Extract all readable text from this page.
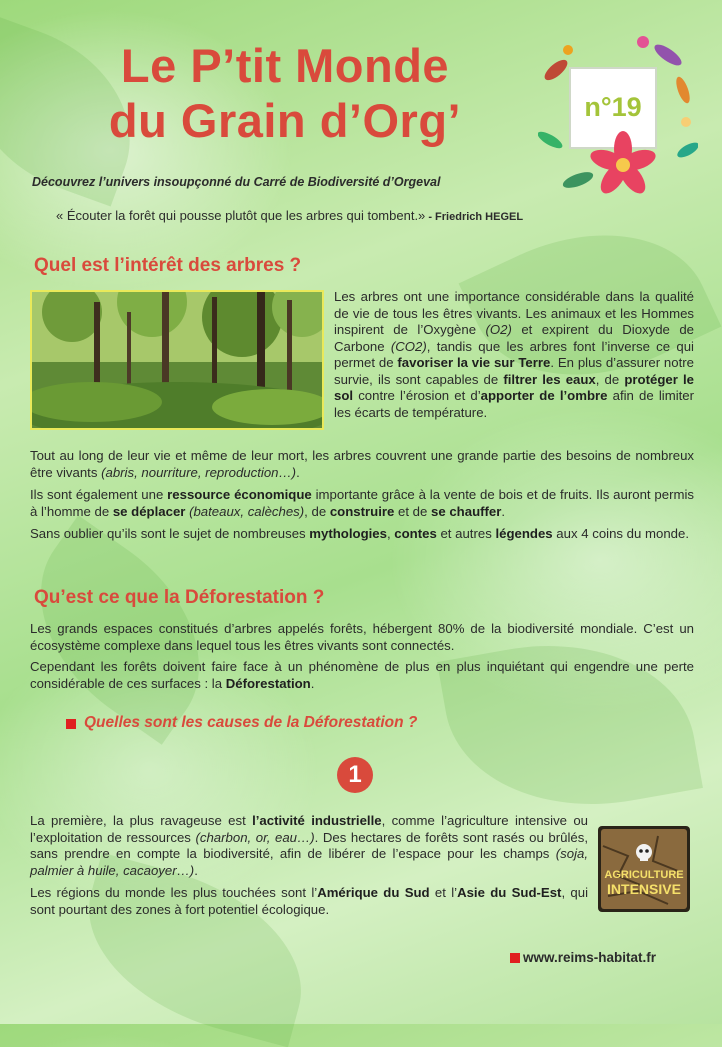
Le P’tit Monde
du Grain d’Org’	n°19
Découvrez l’univers insoupçonné du Carré de Biodiversité d’Orgeval
« Écouter la forêt qui pousse plutôt que les arbres qui tombent.» - Friedrich HEGEL
Quel est l’intérêt des arbres ?

Les arbres ont une importance considérable dans la qualité de vie de tous les êtres vivants. Les animaux et les Hommes inspirent de l’Oxygène (O2) et expirent du Dioxyde de Carbone (CO2), tandis que les arbres font l’inverse ce qui permet de favoriser la vie sur Terre. En plus d’assurer notre survie, ils sont capables de filtrer les eaux, de protéger le sol contre l’érosion et d’apporter de l’ombre afin de limiter les écarts de température.

Tout au long de leur vie et même de leur mort, les arbres couvrent une grande partie des besoins de nombreux être vivants (abris, nourriture, reproduction…).

Ils sont également une ressource économique importante grâce à la vente de bois et de fruits. Ils auront permis à l’homme de se déplacer (bateaux, calèches), de construire et de se chauffer.

Sans oublier qu’ils sont le sujet de nombreuses mythologies, contes et autres légendes aux 4 coins du monde.

Qu’est ce que la Déforestation ?

Les grands espaces constitués d’arbres appelés forêts, hébergent 80% de la biodiversité mondiale. C’est un écosystème complexe dans lequel tous les êtres vivants sont connectés.

Cependant les forêts doivent faire face à un phénomène de plus en plus inquiétant qui engendre une perte considérable de ces surfaces : la Déforestation.

Quelles sont les causes de la Déforestation ?
1

La première, la plus ravageuse est l’activité industrielle, comme l’agriculture intensive ou l’exploitation de ressources (charbon, or, eau…). Des hectares de forêts sont rasés ou brûlés, sans prendre en compte la biodiversité, afin de libérer de l’espace pour les champs (soja, palmier à huile, cacaoyer…).

Les régions du monde les plus touchées sont l’Amérique du Sud et l’Asie du Sud-Est, qui sont pourtant des zones à fort potentiel écologique.

AGRICULTURE
INTENSIVE
www.reims-habitat.fr
